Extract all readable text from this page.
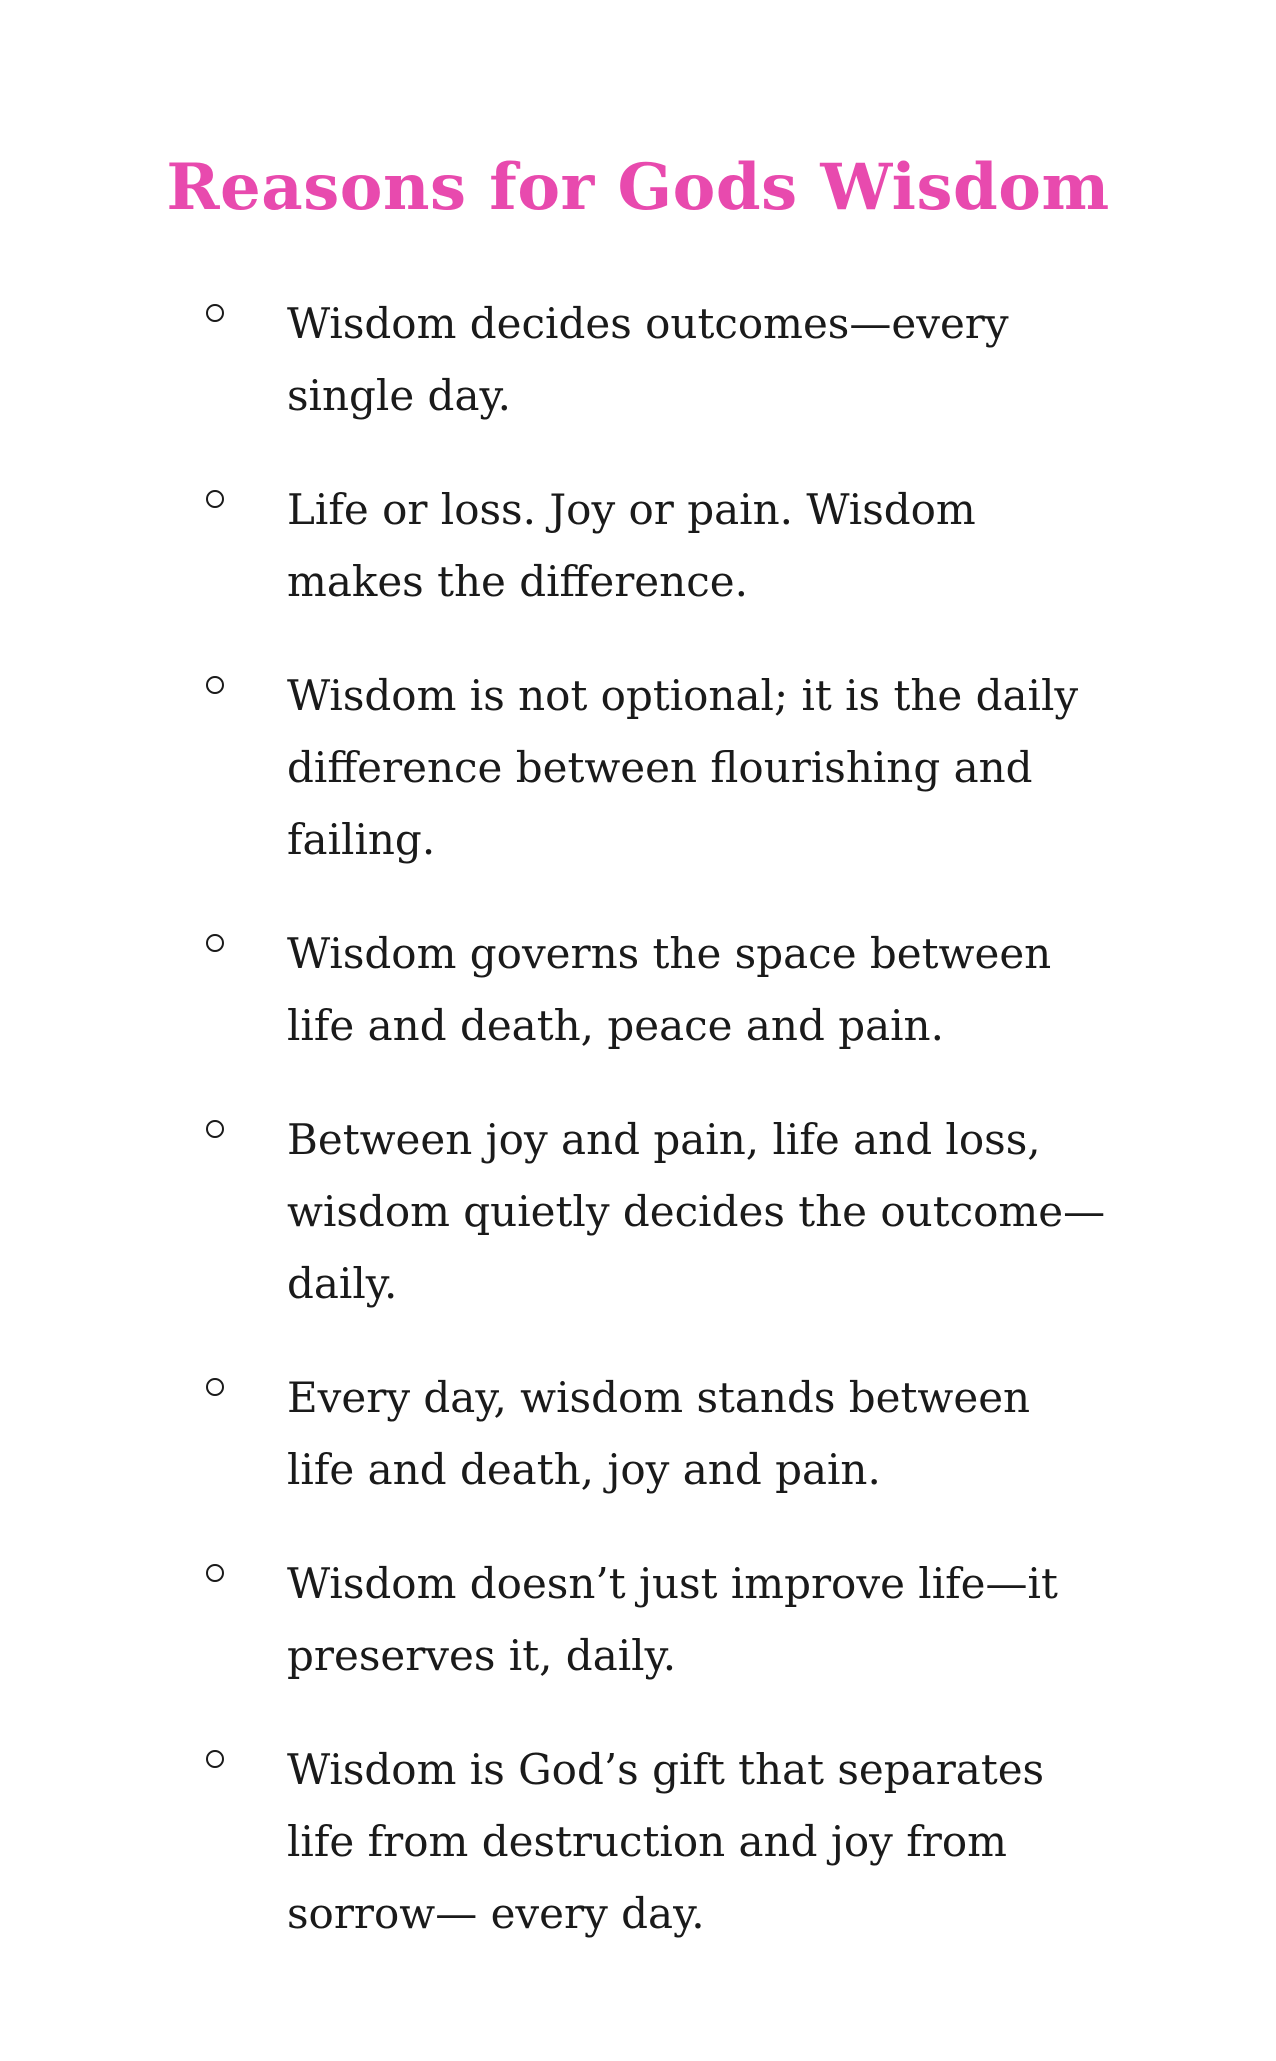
Reasons for Gods Wisdom
Wisdom decides outcomes—every single day.
Life or loss. Joy or pain. Wisdom makes the difference.
Wisdom is not optional; it is the daily difference between flourishing and failing.
Wisdom governs the space between life and death, peace and pain.
Between joy and pain, life and loss, wisdom quietly decides the outcome— daily.
Every day, wisdom stands between life and death, joy and pain.
Wisdom doesn’t just improve life—it preserves it, daily.
Wisdom is God’s gift that separates life from destruction and joy from sorrow— every day.
